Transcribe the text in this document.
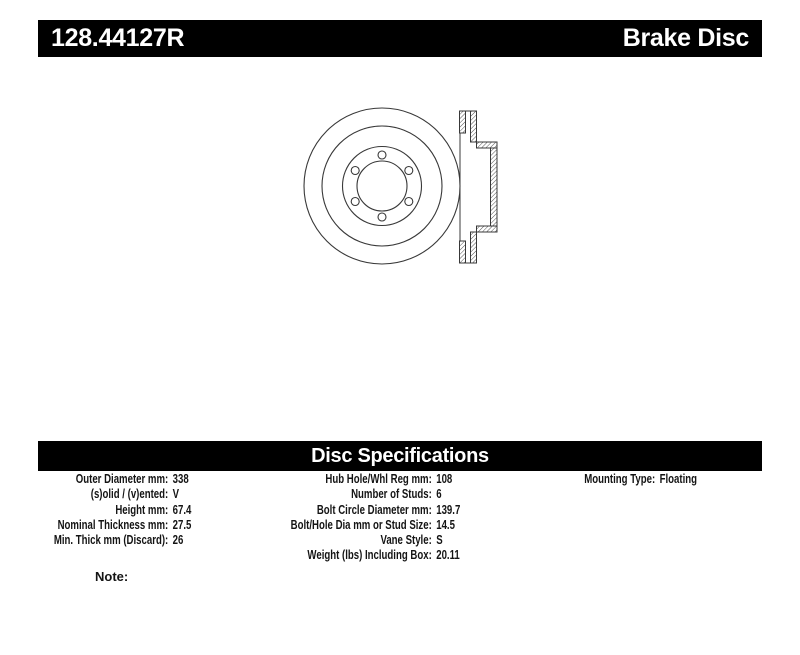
128.44127R	Brake Disc
Disc Specifications
Outer Diameter mm: 338
(s)olid / (v)ented: V
Height mm: 67.4
Nominal Thickness mm: 27.5
Min. Thick mm (Discard): 26
Hub Hole/Whl Reg mm: 108
Number of Studs: 6
Bolt Circle Diameter mm: 139.7
Bolt/Hole Dia mm or Stud Size: 14.5
Vane Style: S
Weight (lbs) Including Box: 20.11
Mounting Type: Floating
Note:
